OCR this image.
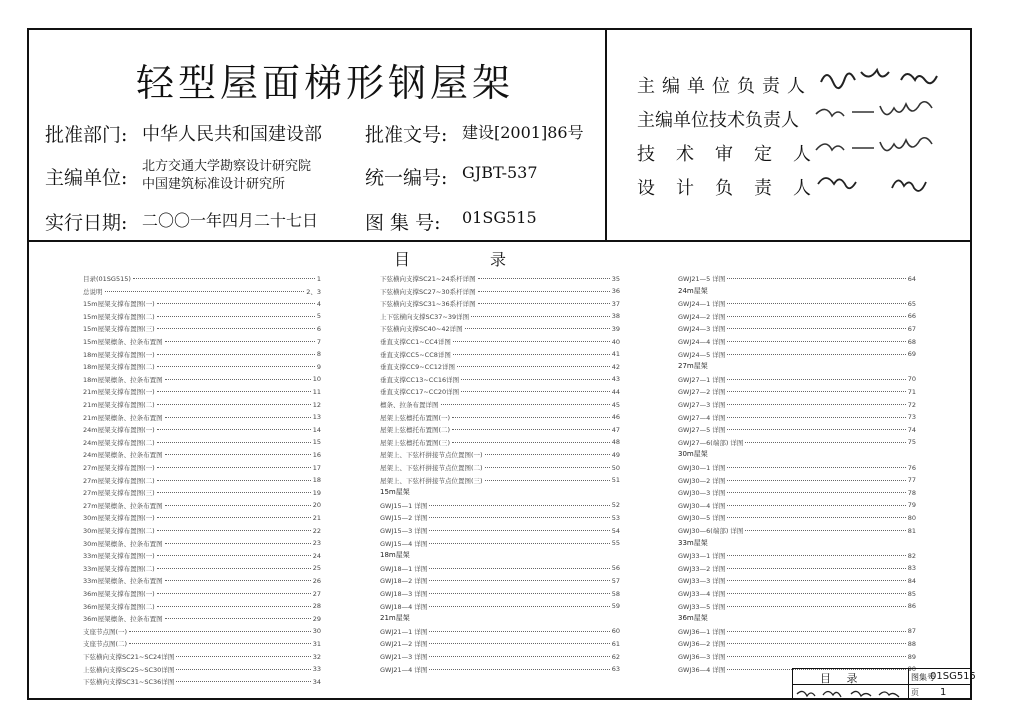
轻型屋面梯形钢屋架
批准部门: 中华人民共和国建设部 批准文号: 建设[2001]86号
主编单位:
北方交通大学勘察设计研究院
中国建筑标准设计研究所	统一编号: GJBT-537
实行日期: 二〇〇一年四月二十七日 图 集 号: 01SG515
主编单位负责人
主编单位技术负责人
技术审定人
设计负责人
目录
目录(01SG515)	1
总说明	2、3
15m屋架支撑布置图(一)	4
15m屋架支撑布置图(二)	5
15m屋架支撑布置图(三)	6
15m屋架檩条、拉条布置图	7
18m屋架支撑布置图(一)	8
18m屋架支撑布置图(二)	9
18m屋架檩条、拉条布置图	10
21m屋架支撑布置图(一)	11
21m屋架支撑布置图(二)	12
21m屋架檩条、拉条布置图	13
24m屋架支撑布置图(一)	14
24m屋架支撑布置图(二)	15
24m屋架檩条、拉条布置图	16
27m屋架支撑布置图(一)	17
27m屋架支撑布置图(二)	18
27m屋架支撑布置图(三)	19
27m屋架檩条、拉条布置图	20
30m屋架支撑布置图(一)	21
30m屋架支撑布置图(二)	22
30m屋架檩条、拉条布置图	23
33m屋架支撑布置图(一)	24
33m屋架支撑布置图(二)	25
33m屋架檩条、拉条布置图	26
36m屋架支撑布置图(一)	27
36m屋架支撑布置图(二)	28
36m屋架檩条、拉条布置图	29
支座节点图(一)	30
支座节点图(二)	31
下弦横向支撑SC21~SC24详图	32
上弦横向支撑SC25~SC30详图	33
下弦横向支撑SC31~SC36详图	34
下弦横向支撑SC21~24系杆详图	35
下弦横向支撑SC27~30系杆详图	36
下弦横向支撑SC31~36系杆详图	37
上下弦横向支撑SC37~39详图	38
下弦横向支撑SC40~42详图	39
垂直支撑CC1~CC4详图	40
垂直支撑CC5~CC8详图	41
垂直支撑CC9~CC12详图	42
垂直支撑CC13~CC16详图	43
垂直支撑CC17~CC20详图	44
檩条、拉条布置详图	45
屋架上弦檩托布置图(一)	46
屋架上弦檩托布置图(二)	47
屋架上弦檩托布置图(三)	48
屋架上、下弦杆拼接节点位置图(一)	49
屋架上、下弦杆拼接节点位置图(二)	50
屋架上、下弦杆拼接节点位置图(三)	51
15m屋架
GWJ15—1 详图	52
GWJ15—2 详图	53
GWJ15—3 详图	54
GWJ15—4 详图	55
18m屋架
GWJ18—1 详图	56
GWJ18—2 详图	57
GWJ18—3 详图	58
GWJ18—4 详图	59
21m屋架
GWJ21—1 详图	60
GWJ21—2 详图	61
GWJ21—3 详图	62
GWJ21—4 详图	63
GWJ21—5 详图	64
24m屋架
GWJ24—1 详图	65
GWJ24—2 详图	66
GWJ24—3 详图	67
GWJ24—4 详图	68
GWJ24—5 详图	69
27m屋架
GWJ27—1 详图	70
GWJ27—2 详图	71
GWJ27—3 详图	72
GWJ27—4 详图	73
GWJ27—5 详图	74
GWJ27—6(端部) 详图	75
30m屋架
GWJ30—1 详图	76
GWJ30—2 详图	77
GWJ30—3 详图	78
GWJ30—4 详图	79
GWJ30—5 详图	80
GWJ30—6(端部) 详图	81
33m屋架
GWJ33—1 详图	82
GWJ33—2 详图	83
GWJ33—3 详图	84
GWJ33—4 详图	85
GWJ33—5 详图	86
36m屋架
GWJ36—1 详图	87
GWJ36—2 详图	88
GWJ36—3 详图	89
GWJ36—4 详图	90
目 录	图集号
01SG515
页 1
